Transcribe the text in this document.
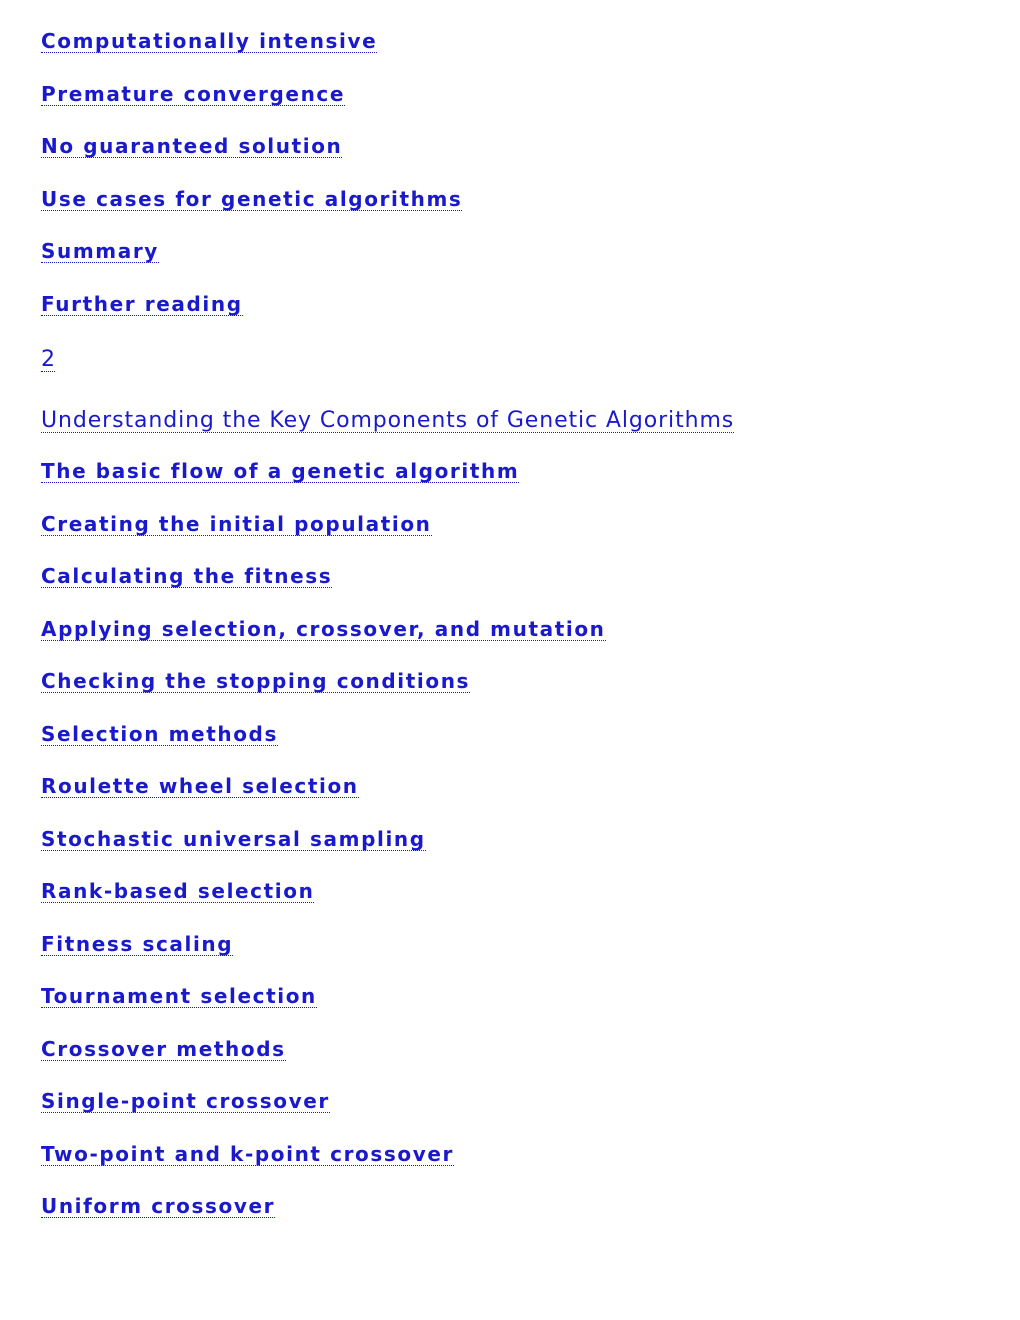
Computationally intensive
Premature convergence
No guaranteed solution
Use cases for genetic algorithms
Summary
Further reading
2
Understanding the Key Components of Genetic Algorithms
The basic flow of a genetic algorithm
Creating the initial population
Calculating the fitness
Applying selection, crossover, and mutation
Checking the stopping conditions
Selection methods
Roulette wheel selection
Stochastic universal sampling
Rank-based selection
Fitness scaling
Tournament selection
Crossover methods
Single-point crossover
Two-point and k-point crossover
Uniform crossover
